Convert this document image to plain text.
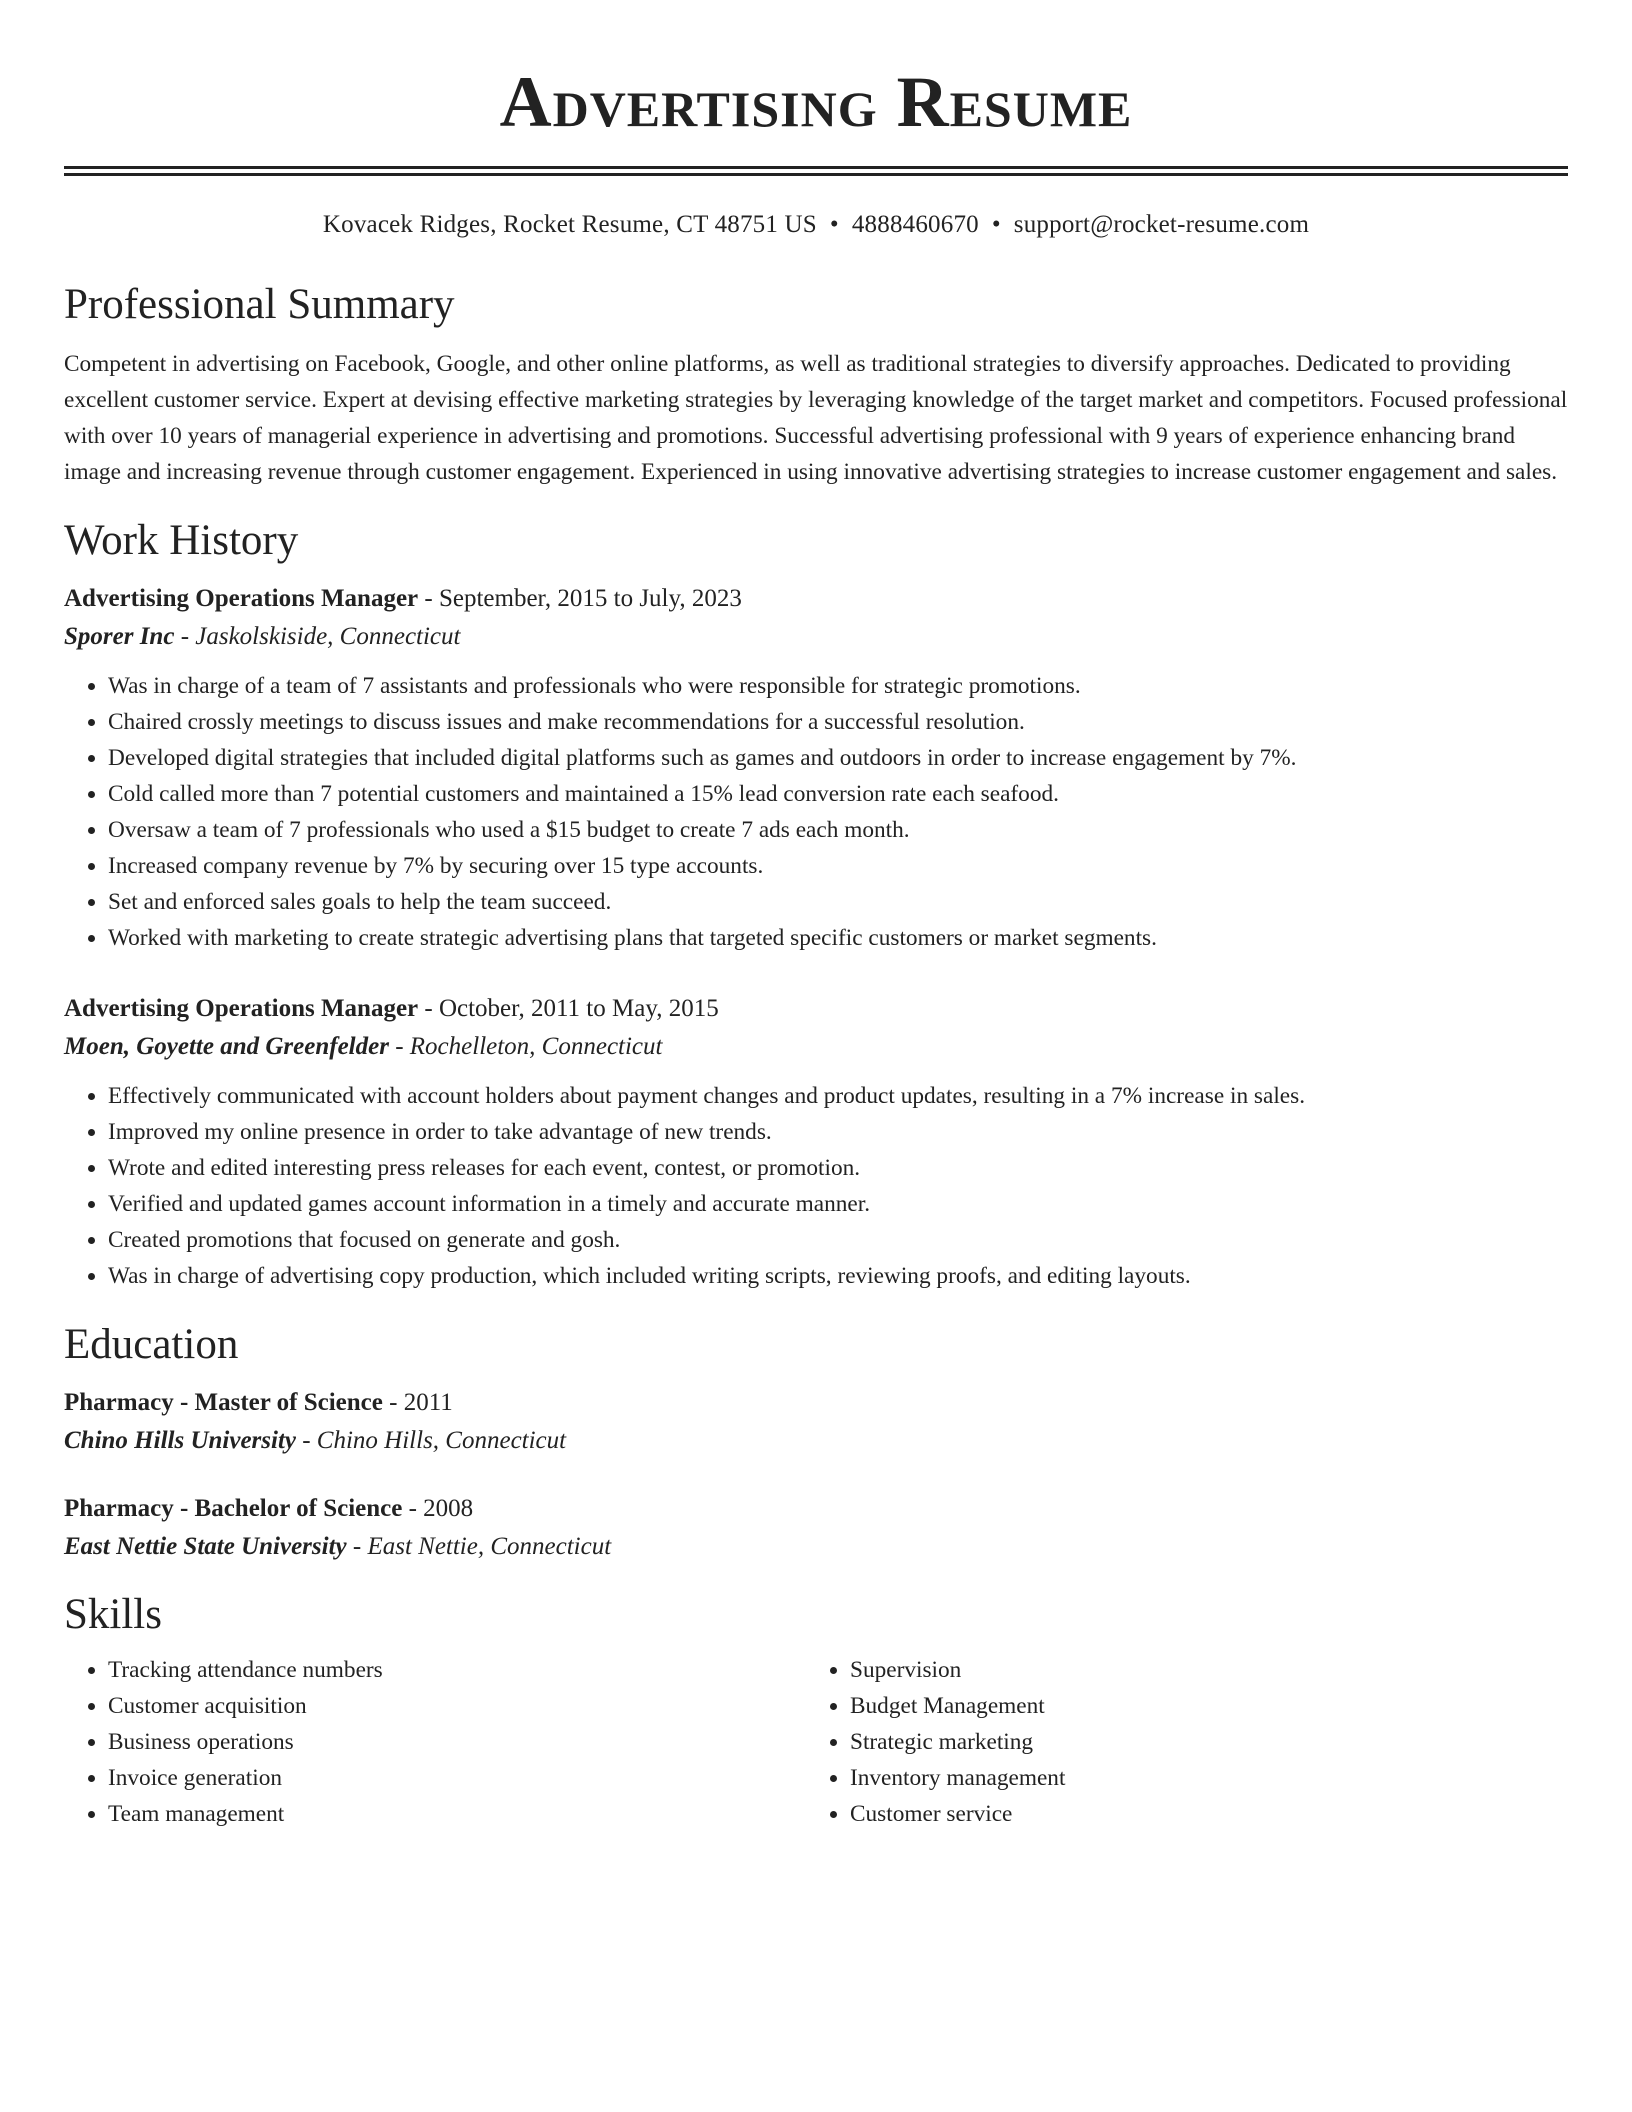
Advertising Resume
Kovacek Ridges, Rocket Resume, CT 48751 US • 4888460670 • support@rocket-resume.com
Professional Summary

Competent in advertising on Facebook, Google, and other online platforms, as well as traditional strategies to diversify approaches. Dedicated to providing excellent customer service. Expert at devising effective marketing strategies by leveraging knowledge of the target market and competitors. Focused professional with over 10 years of managerial experience in advertising and promotions. Successful advertising professional with 9 years of experience enhancing brand image and increasing revenue through customer engagement. Experienced in using innovative advertising strategies to increase customer engagement and sales.

Work History
Advertising Operations Manager - September, 2015 to July, 2023
Sporer Inc - Jaskolskiside, Connecticut
• Was in charge of a team of 7 assistants and professionals who were responsible for strategic promotions.
• Chaired crossly meetings to discuss issues and make recommendations for a successful resolution.
• Developed digital strategies that included digital platforms such as games and outdoors in order to increase engagement by 7%.
• Cold called more than 7 potential customers and maintained a 15% lead conversion rate each seafood.
• Oversaw a team of 7 professionals who used a $15 budget to create 7 ads each month.
• Increased company revenue by 7% by securing over 15 type accounts.
• Set and enforced sales goals to help the team succeed.
• Worked with marketing to create strategic advertising plans that targeted specific customers or market segments.
Advertising Operations Manager - October, 2011 to May, 2015
Moen, Goyette and Greenfelder - Rochelleton, Connecticut
• Effectively communicated with account holders about payment changes and product updates, resulting in a 7% increase in sales.
• Improved my online presence in order to take advantage of new trends.
• Wrote and edited interesting press releases for each event, contest, or promotion.
• Verified and updated games account information in a timely and accurate manner.
• Created promotions that focused on generate and gosh.
• Was in charge of advertising copy production, which included writing scripts, reviewing proofs, and editing layouts.
Education
Pharmacy - Master of Science - 2011
Chino Hills University - Chino Hills, Connecticut
Pharmacy - Bachelor of Science - 2008
East Nettie State University - East Nettie, Connecticut
Skills
• Tracking attendance numbers
• Customer acquisition
• Business operations
• Invoice generation
• Team management
• Supervision
• Budget Management
• Strategic marketing
• Inventory management
• Customer service
